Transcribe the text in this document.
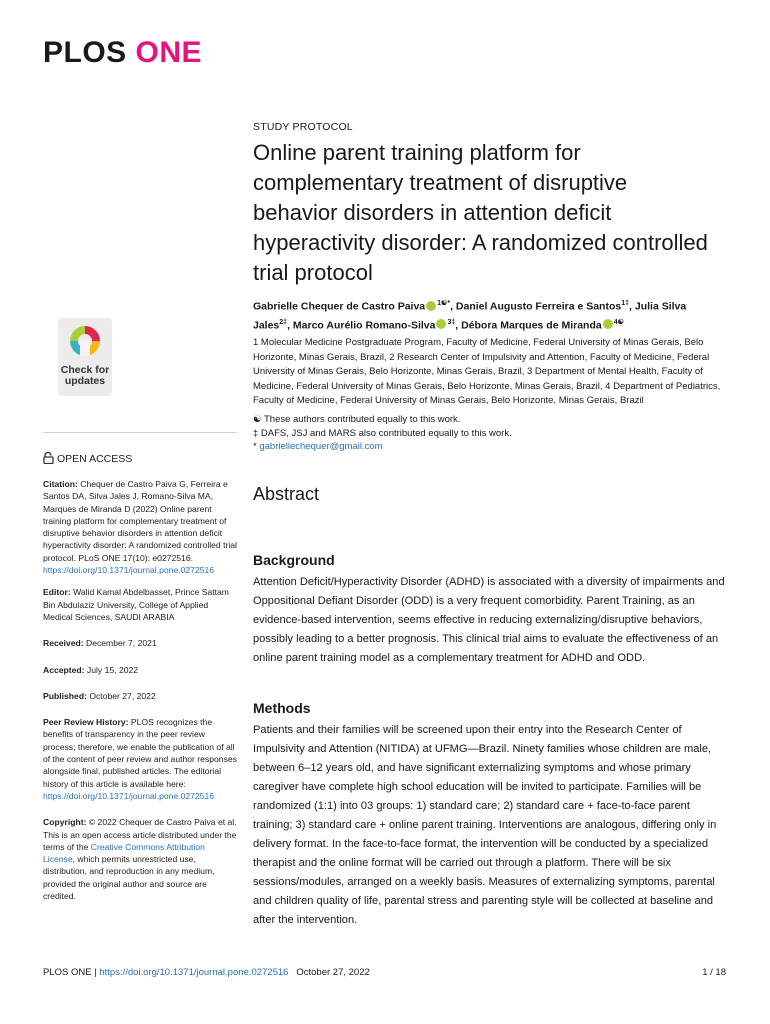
PLOS ONE
STUDY PROTOCOL
Online parent training platform for complementary treatment of disruptive behavior disorders in attention deficit hyperactivity disorder: A randomized controlled trial protocol
Gabrielle Chequer de Castro Paiva $^{1☯*}$, Daniel Augusto Ferreira e Santos$^{1\ddagger}$, Julia Silva Jales$^{2\ddagger}$, Marco Aurélio Romano-Silva $^{3\ddagger}$, Débora Marques de Miranda $^{4☯}$
1 Molecular Medicine Postgraduate Program, Faculty of Medicine, Federal University of Minas Gerais, Belo Horizonte, Minas Gerais, Brazil, 2 Research Center of Impulsivity and Attention, Faculty of Medicine, Federal University of Minas Gerais, Belo Horizonte, Minas Gerais, Brazil, 3 Department of Mental Health, Faculty of Medicine, Federal University of Minas Gerais, Belo Horizonte, Minas Gerais, Brazil, 4 Department of Pediatrics, Faculty of Medicine, Federal University of Minas Gerais, Belo Horizonte, Minas Gerais, Brazil
Check for
updates
☯ These authors contributed equally to this work.
‡ DAFS, JSJ and MARS also contributed equally to this work.
* gabriellechequer@gmail.com
OPEN ACCESS
Citation: Chequer de Castro Paiva G, Ferreira e Santos DA, Silva Jales J, Romano-Silva MA, Marques de Miranda D (2022) Online parent training platform for complementary treatment of disruptive behavior disorders in attention deficit hyperactivity disorder: A randomized controlled trial protocol. PLoS ONE 17(10): e0272516. https://doi.org/10.1371/journal.pone.0272516
Editor: Walid Kamal Abdelbasset, Prince Sattam Bin Abdulaziz University, College of Applied Medical Sciences, SAUDI ARABIA
Received: December 7, 2021
Accepted: July 15, 2022
Published: October 27, 2022
Peer Review History: PLOS recognizes the benefits of transparency in the peer review process; therefore, we enable the publication of all of the content of peer review and author responses alongside final, published articles. The editorial history of this article is available here: https://doi.org/10.1371/journal.pone.0272516
Copyright: © 2022 Chequer de Castro Paiva et al. This is an open access article distributed under the terms of the Creative Commons Attribution License, which permits unrestricted use, distribution, and reproduction in any medium, provided the original author and source are credited.
Abstract
Background
Attention Deficit/Hyperactivity Disorder (ADHD) is associated with a diversity of impairments and Oppositional Defiant Disorder (ODD) is a very frequent comorbidity. Parent Training, as an evidence-based intervention, seems effective in reducing externalizing/disruptive behaviors, possibly leading to a better prognosis. This clinical trial aims to evaluate the effectiveness of an online parent training model as a complementary treatment for ADHD and ODD.
Methods
Patients and their families will be screened upon their entry into the Research Center of Impulsivity and Attention (NITIDA) at UFMG—Brazil. Ninety families whose children are male, between 6–12 years old, and have significant externalizing symptoms and whose primary caregiver have complete high school education will be invited to participate. Families will be randomized (1:1) into 03 groups: 1) standard care; 2) standard care + face-to-face parent training; 3) standard care + online parent training. Interventions are analogous, differing only in delivery format. In the face-to-face format, the intervention will be conducted by a specialized therapist and the online format will be carried out through a platform. There will be six sessions/modules, arranged on a weekly basis. Measures of externalizing symptoms, parental and children quality of life, parental stress and parenting style will be collected at baseline and after the intervention.
PLOS ONE | https://doi.org/10.1371/journal.pone.0272516 October 27, 2022	1 / 18
